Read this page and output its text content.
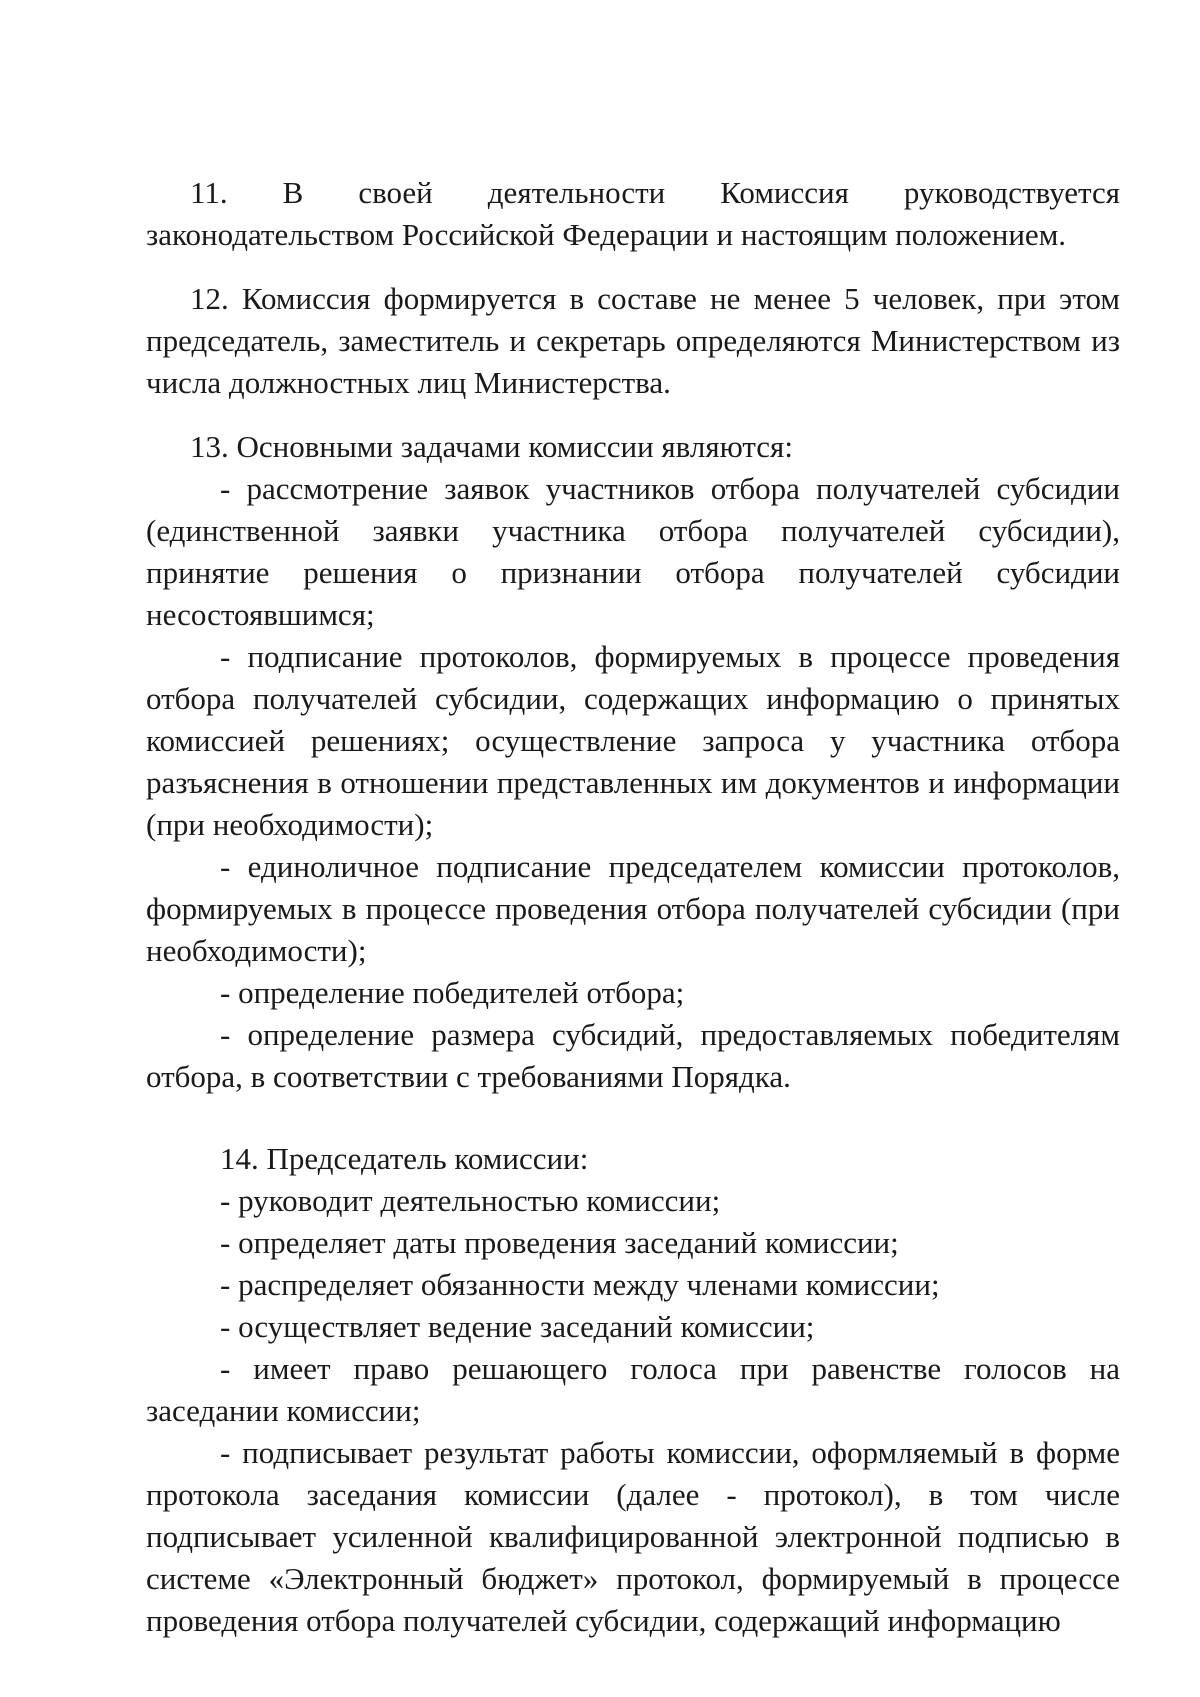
11. В своей деятельности Комиссия руководствуется законодательством Российской Федерации и настоящим положением.

12. Комиссия формируется в составе не менее 5 человек, при этом председатель, заместитель и секретарь определяются Министерством из числа должностных лиц Министерства.

13. Основными задачами комиссии являются:

- рассмотрение заявок участников отбора получателей субсидии (единственной заявки участника отбора получателей субсидии), принятие решения о признании отбора получателей субсидии несостоявшимся;

- подписание протоколов, формируемых в процессе проведения отбора получателей субсидии, содержащих информацию о принятых комиссией решениях; осуществление запроса у участника отбора разъяснения в отношении представленных им документов и информации (при необходимости);

- единоличное подписание председателем комиссии протоколов, формируемых в процессе проведения отбора получателей субсидии (при необходимости);

- определение победителей отбора;

- определение размера субсидий, предоставляемых победителям отбора, в соответствии с требованиями Порядка.

14. Председатель комиссии:

- руководит деятельностью комиссии;

- определяет даты проведения заседаний комиссии;

- распределяет обязанности между членами комиссии;

- осуществляет ведение заседаний комиссии;

- имеет право решающего голоса при равенстве голосов на заседании комиссии;

- подписывает результат работы комиссии, оформляемый в форме протокола заседания комиссии (далее - протокол), в том числе подписывает усиленной квалифицированной электронной подписью в системе «Электронный бюджет» протокол, формируемый в процессе проведения отбора получателей субсидии, содержащий информацию
